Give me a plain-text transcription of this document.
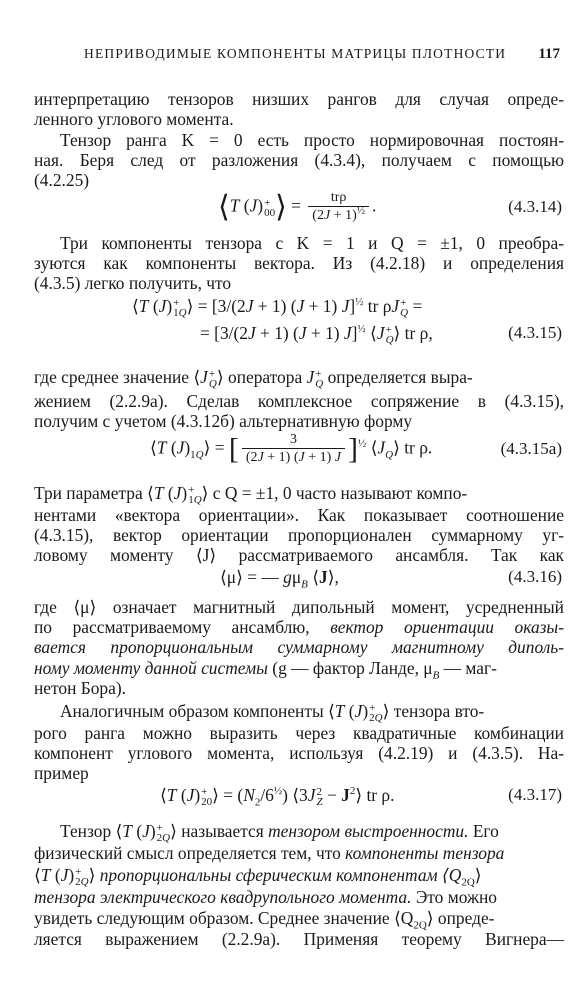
НЕПРИВОДИМЫЕ КОМПОНЕНТЫ МАТРИЦЫ ПЛОТНОСТИ 117
интерпретацию тензоров низших рангов для случая опреде-
ленного углового момента.
Тензор ранга K = 0 есть просто нормировочная постоян-
ная. Беря след от разложения (4.3.4), получаем с помощью
(4.2.25)
⟨T (J) +
00 ⟩ = $\frac{\text{trρ}}{(2J + 1)^{\frac{1}{2}}}$ .	(4.3.14)
Три компоненты тензора с K = 1 и Q = ±1, 0 преобра-
зуются как компоненты вектора. Из (4.2.18) и определения
(4.3.5) легко получить, что
⟨T (J) +
1Q ⟩ = [3/(2J + 1) (J + 1) J]$^{\frac{1}{2}}$ tr ρJ +
Q =
= [3/(2J + 1) (J + 1) J]$^{\frac{1}{2}}$ ⟨J +
Q ⟩ tr ρ,	(4.3.15)
где среднее значение ⟨J +
Q ⟩ оператора J +
Q определяется выра-
жением (2.2.9а). Сделав комплексное сопряжение в (4.3.15),
получим с учетом (4.3.12б) альтернативную форму
⟨T $(J)_{1Q}⟩$ = [ $\frac{3}{(2J + 1) (J + 1) J} ]^{\frac{1}{2}}$ $⟨J_Q⟩$ tr ρ.	(4.3.15а)
Три параметра ⟨T (J) +
1Q ⟩ с Q = ±1, 0 часто называют компо-
нентами «вектора ориентации». Как показывает соотношение
(4.3.15), вектор ориентации пропорционален суммарному уг-
ловому моменту ⟨J⟩ рассматриваемого ансамбля. Так как
⟨μ⟩ = — $g\mu_B$ ⟨J⟩,	(4.3.16)
где ⟨μ⟩ означает магнитный дипольный момент, усредненный
по рассматриваемому ансамблю, вектор ориентации оказы-
вается пропорциональным суммарному магнитному диполь-
ному моменту данной системы (g — фактор Ланде, $\mu_B$ — маг-
нетон Бора).
Аналогичным образом компоненты ⟨T (J) +
2Q ⟩ тензора вто-
рого ранга можно выразить через квадратичные комбинации
компонент углового момента, используя (4.2.19) и (4.3.5). На-
пример
⟨T (J) +
20 ⟩ = $(N_2/6^{\frac{1}{2}})$ ⟨3J 2
$Z - J^2⟩$ tr ρ.	(4.3.17)
Тензор ⟨T (J) +
2Q ⟩ называется тензором выстроенности. Его
физический смысл определяется тем, что компоненты тензора
⟨T (J) +
2Q ⟩ пропорциональны сферическим компонентам $⟨Q_{2Q}⟩$
тензора электрического квадрупольного момента. Это можно
увидеть следующим образом. Среднее значение $⟨Q_{2Q}⟩$ опреде-
ляется выражением (2.2.9а). Применяя теорему Вигнера—
